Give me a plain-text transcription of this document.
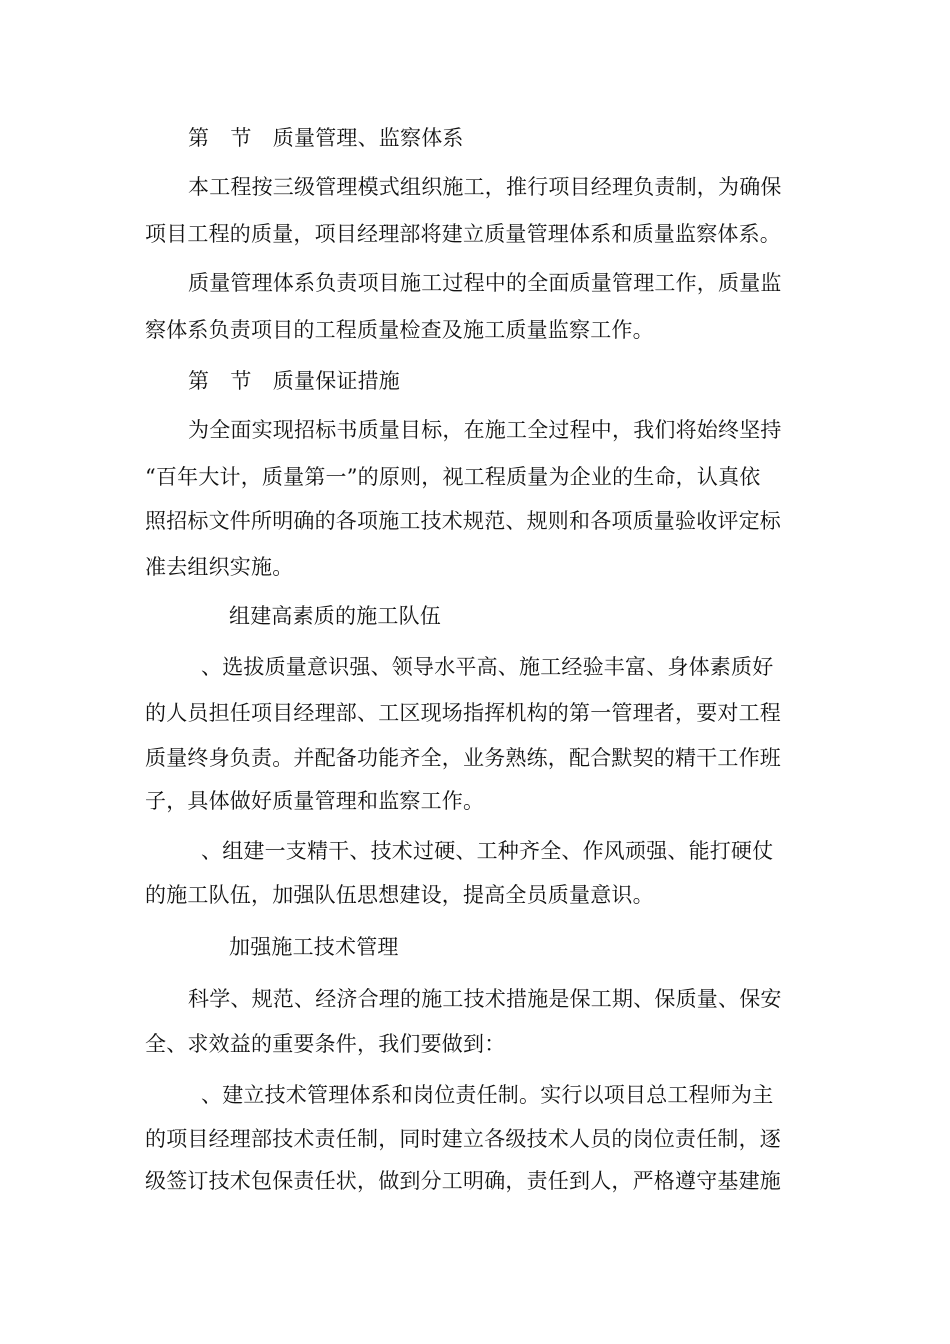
第　节　质量管理、监察体系

本工程按三级管理模式组织施工，推行项目经理负责制，为确保

项目工程的质量，项目经理部将建立质量管理体系和质量监察体系。

质量管理体系负责项目施工过程中的全面质量管理工作，质量监

察体系负责项目的工程质量检查及施工质量监察工作。

第　节　质量保证措施

为全面实现招标书质量目标，在施工全过程中，我们将始终坚持

“百年大计，质量第一”的原则，视工程质量为企业的生命，认真依

照招标文件所明确的各项施工技术规范、规则和各项质量验收评定标

准去组织实施。

组建高素质的施工队伍

、选拔质量意识强、领导水平高、施工经验丰富、身体素质好

的人员担任项目经理部、工区现场指挥机构的第一管理者，要对工程

质量终身负责。并配备功能齐全，业务熟练，配合默契的精干工作班

子，具体做好质量管理和监察工作。

、组建一支精干、技术过硬、工种齐全、作风顽强、能打硬仗

的施工队伍，加强队伍思想建设，提高全员质量意识。

加强施工技术管理

科学、规范、经济合理的施工技术措施是保工期、保质量、保安

全、求效益的重要条件，我们要做到：

、建立技术管理体系和岗位责任制。实行以项目总工程师为主

的项目经理部技术责任制，同时建立各级技术人员的岗位责任制，逐

级签订技术包保责任状，做到分工明确，责任到人，严格遵守基建施
